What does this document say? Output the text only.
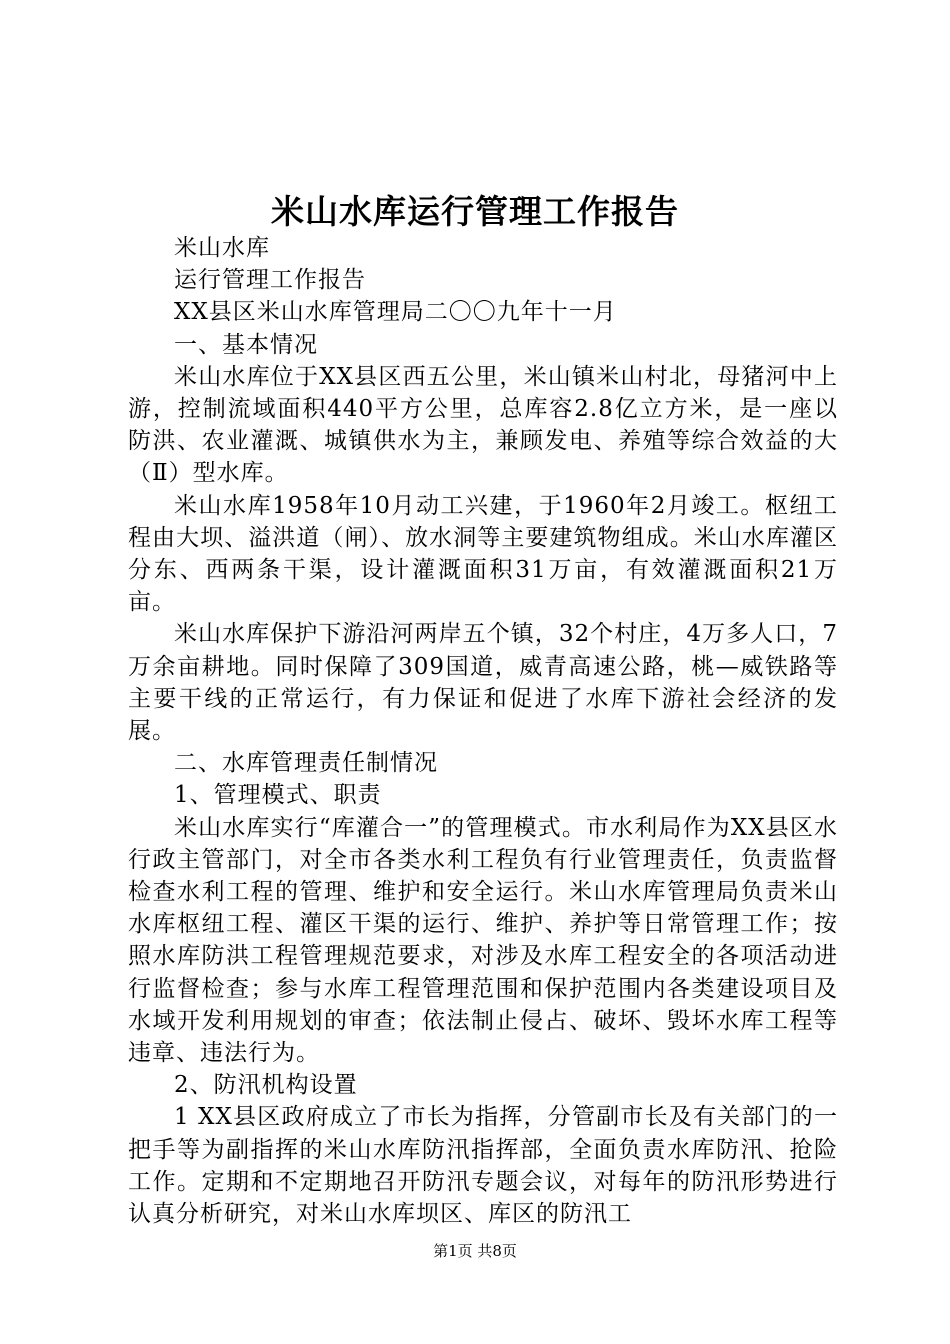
米山水库运行管理工作报告

米山水库

运行管理工作报告

XX县区米山水库管理局二〇〇九年十一月

一、基本情况

米山水库位于XX县区西五公里，米山镇米山村北，母猪河中上游，控制流域面积440平方公里，总库容2.8亿立方米，是一座以防洪、农业灌溉、城镇供水为主，兼顾发电、养殖等综合效益的大（Ⅱ）型水库。

米山水库1958年10月动工兴建，于1960年2月竣工。枢纽工程由大坝、溢洪道（闸）、放水洞等主要建筑物组成。米山水库灌区分东、西两条干渠，设计灌溉面积31万亩，有效灌溉面积21万亩。

米山水库保护下游沿河两岸五个镇，32个村庄，4万多人口，7万余亩耕地。同时保障了309国道，威青高速公路，桃—威铁路等主要干线的正常运行，有力保证和促进了水库下游社会经济的发展。

二、水库管理责任制情况

1、管理模式、职责

米山水库实行“库灌合一”的管理模式。市水利局作为XX县区水行政主管部门，对全市各类水利工程负有行业管理责任，负责监督检查水利工程的管理、维护和安全运行。米山水库管理局负责米山水库枢纽工程、灌区干渠的运行、维护、养护等日常管理工作；按照水库防洪工程管理规范要求，对涉及水库工程安全的各项活动进行监督检查；参与水库工程管理范围和保护范围内各类建设项目及水域开发利用规划的审查；依法制止侵占、破坏、毁坏水库工程等违章、违法行为。

2、防汛机构设置

1 XX县区政府成立了市长为指挥，分管副市长及有关部门的一把手等为副指挥的米山水库防汛指挥部，全面负责水库防汛、抢险工作。定期和不定期地召开防汛专题会议，对每年的防汛形势进行认真分析研究，对米山水库坝区、库区的防汛工

第1页 共8页
